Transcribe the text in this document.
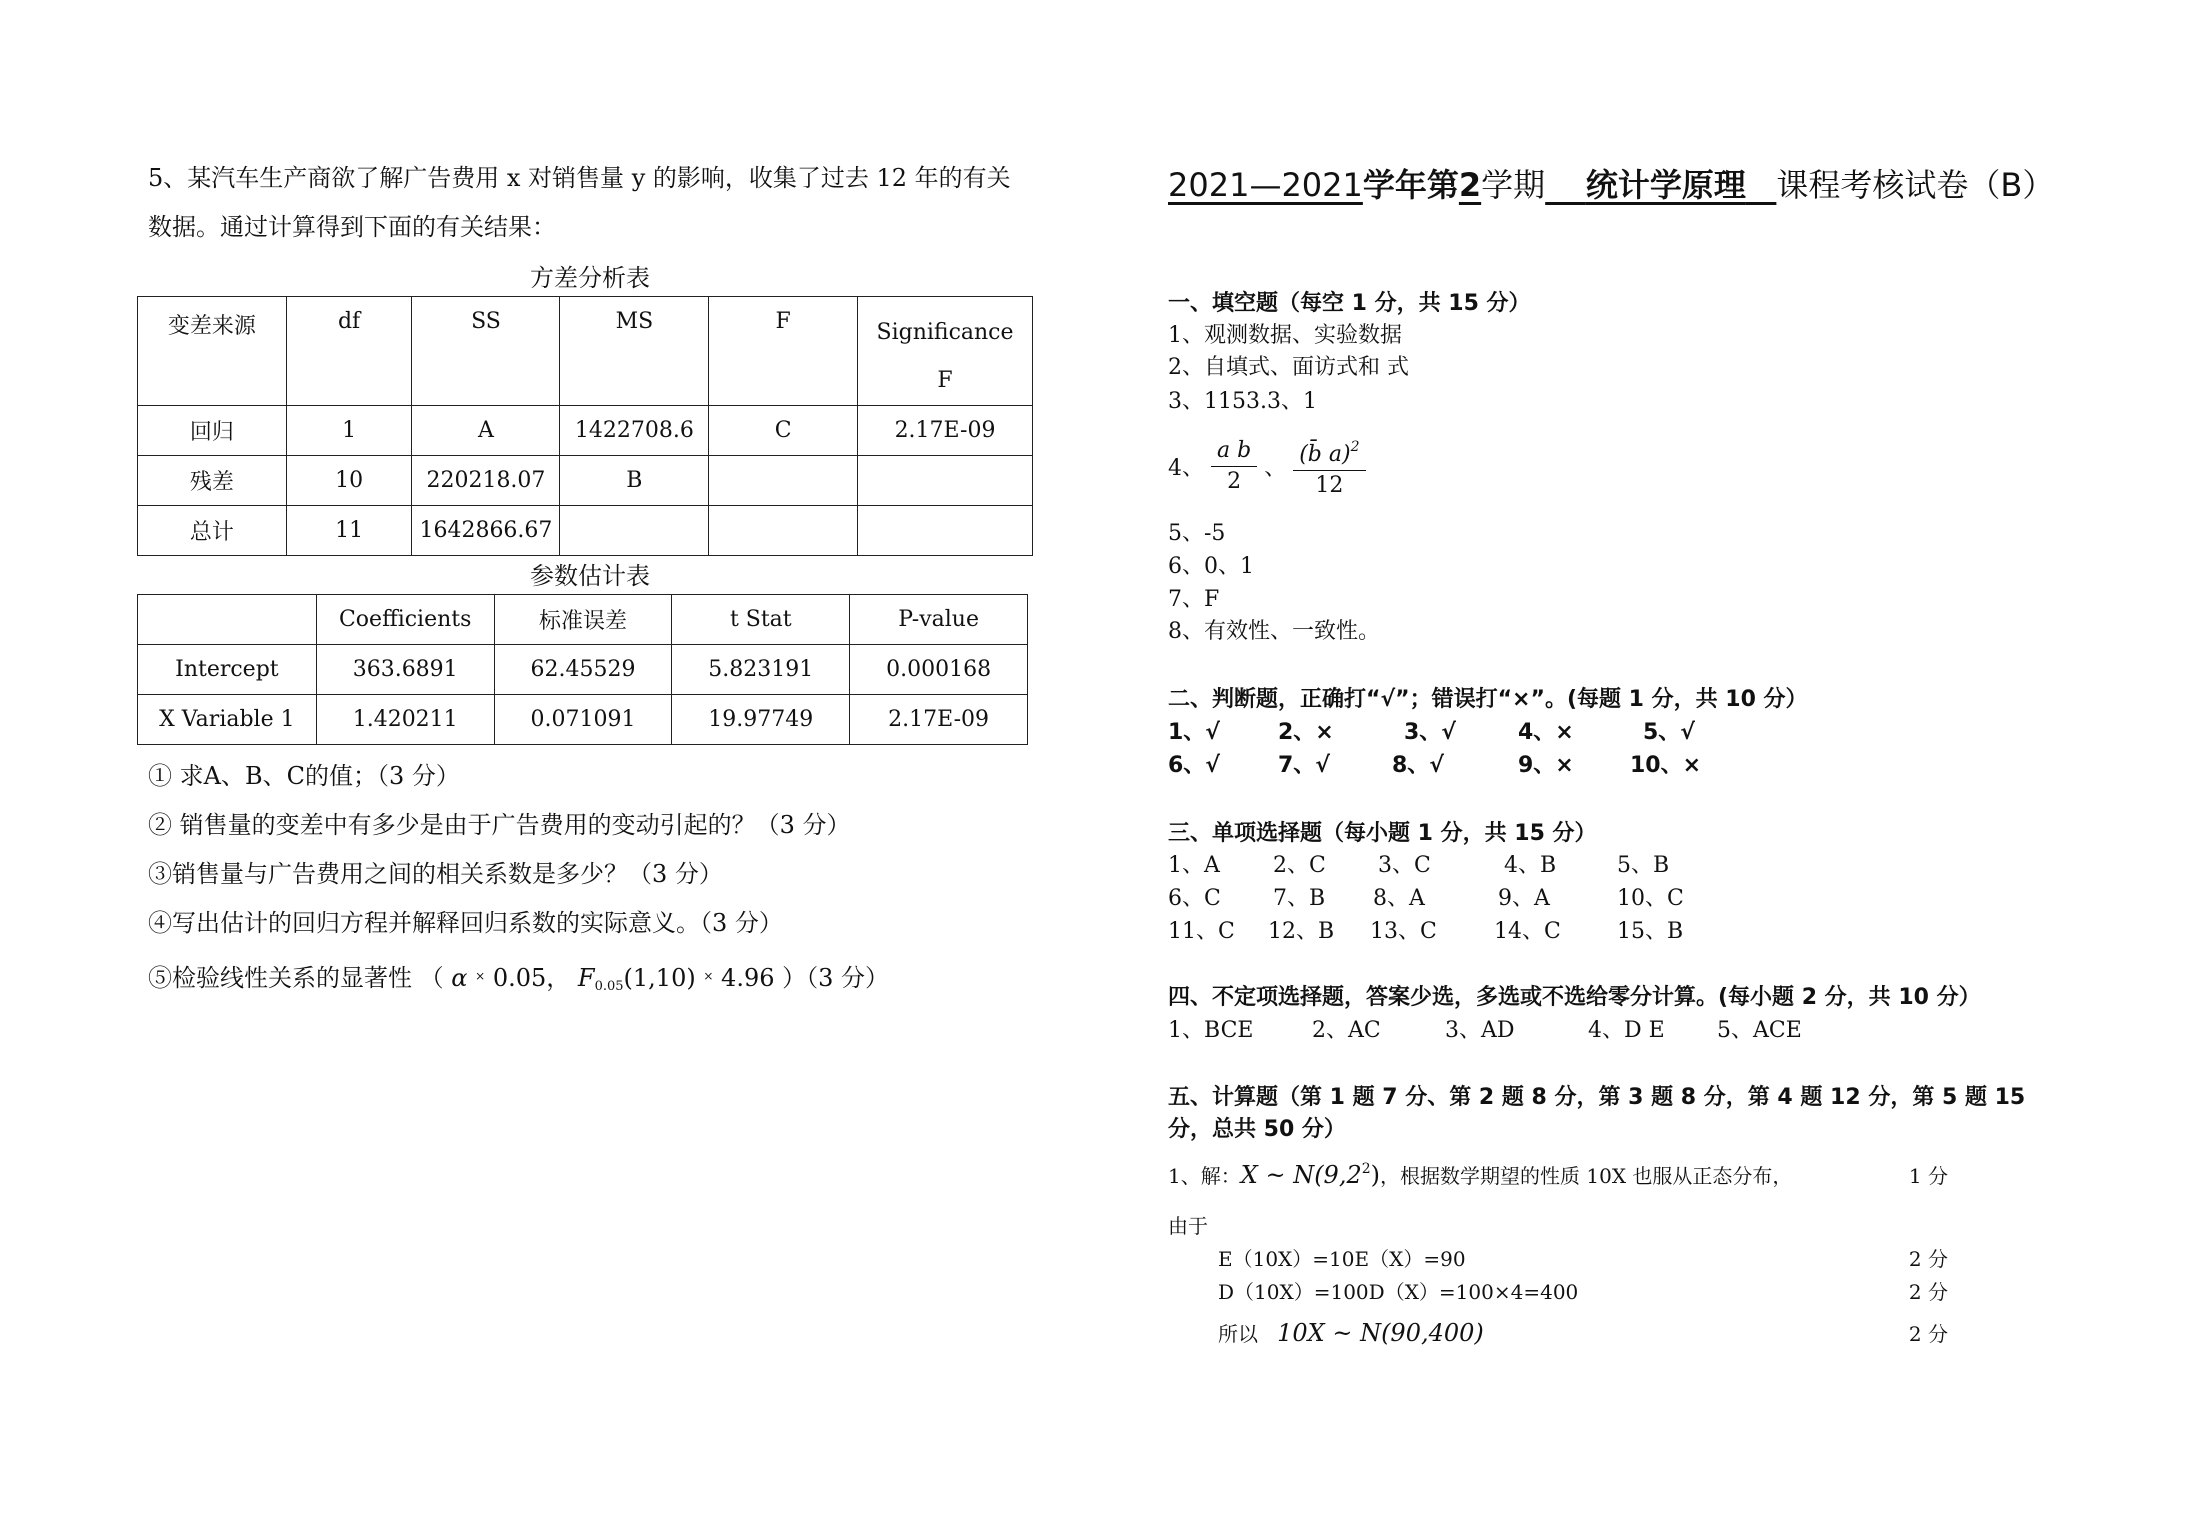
5、某汽车生产商欲了解广告费用 x 对销售量 y 的影响，收集了过去 12 年的有关
数据。通过计算得到下面的有关结果：
方差分析表
变差来源	df	SS	MS	F	Significance
F
回归	1	A	1422708.6	C	2.17E-09
残差	10	220218.07	B		
总计	11	1642866.67			
参数估计表
	Coefficients	标准误差	t Stat	P-value
Intercept	363.6891	62.45529	5.823191	0.000168
X Variable 1	1.420211	0.071091	19.97749	2.17E-09
① 求A、B、C的值；（3 分）
② 销售量的变差中有多少是由于广告费用的变动引起的？（3 分）
③销售量与广告费用之间的相关系数是多少？（3 分）
④写出估计的回归方程并解释回归系数的实际意义。（3 分）
⑤检验线性关系的显著性 （ α × 0.05， $F_{0.05}(1,10)$ × 4.96 ）（3 分）
2021—2021学年第2学期 统计学原理 课程考核试卷（B）
一、填空题（每空 1 分，共 15 分）
1、观测数据、实验数据
2、自填式、面访式和 式
3、1153.3、1
4、 $\frac{\text{a b}}{2}$ 、 $\frac{(b̄ a)^2}{12}$
5、-5
6、0、1
7、F
8、有效性、一致性。
二、判断题，正确打“√”；错误打“×”。(每题 1 分，共 10 分）
1、√	2、×	3、√	4、×	5、√
6、√	7、√	8、√	9、×	10、×
三、单项选择题（每小题 1 分，共 15 分）
1、A 2、C 3、C	4、B	5、B
6、C 7、B 8、A	9、A	10、C
11、C 12、B 13、C	14、C	15、B
四、不定项选择题，答案少选，多选或不选给零分计算。(每小题 2 分，共 10 分）
1、BCE	2、AC	3、AD	4、D E 5、ACE
五、计算题（第 1 题 7 分、第 2 题 8 分，第 3 题 8 分，第 4 题 12 分，第 5 题 15
分，总共 50 分）
1、解：X ~ $N(9,2^2)$，根据数学期望的性质 10X 也服从正态分布，	1 分
由于
E（10X）=10E（X）=90	2 分
D（10X）=100D（X）=100×4=400	2 分
所以 10X ~ N(90,400)	2 分
